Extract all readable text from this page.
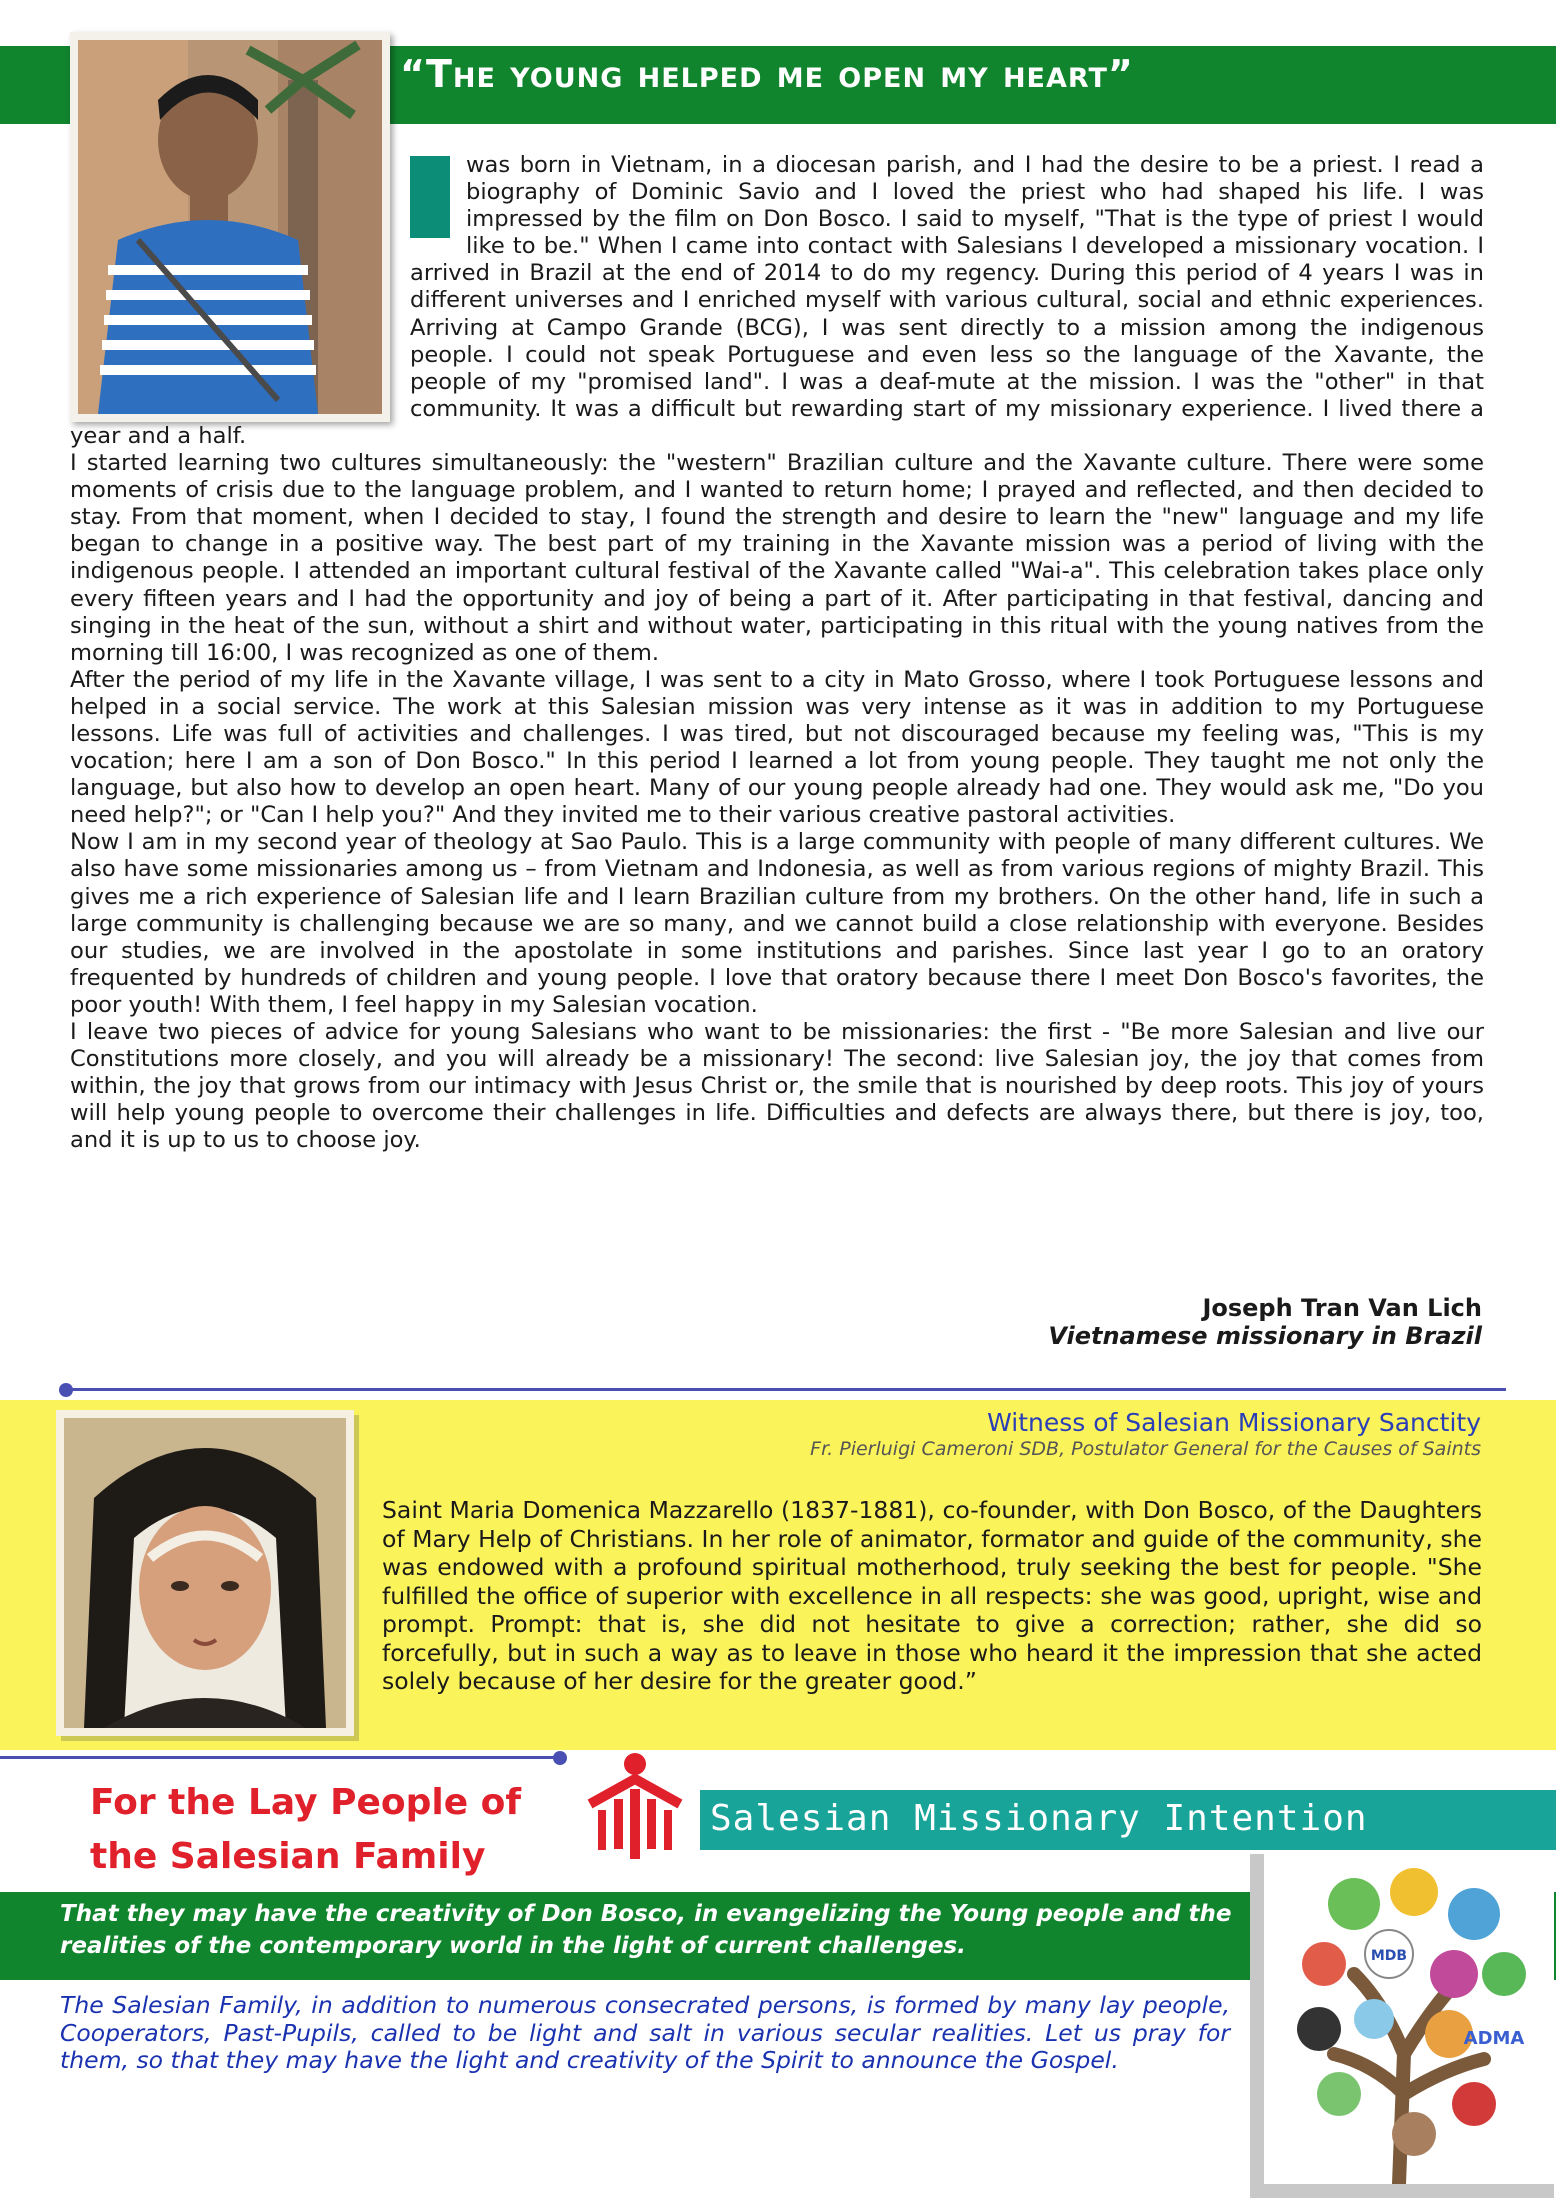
“The young helped me open my heart”

was born in Vietnam, in a diocesan parish, and I had the desire to be a priest. I read a biography of Dominic Savio and I loved the priest who had shaped his life. I was impressed by the film on Don Bosco. I said to myself, "That is the type of priest I would like to be." When I came into contact with Salesians I developed a missionary vocation. I arrived in Brazil at the end of 2014 to do my regency. During this period of 4 years I was in different universes and I enriched myself with various cultural, social and ethnic experiences. Arriving at Campo Grande (BCG), I was sent directly to a mission among the indigenous people. I could not speak Portuguese and even less so the language of the Xavante, the people of my "promised land". I was a deaf-mute at the mission. I was the "other" in that community. It was a difficult but rewarding start of my missionary experience. I lived there a year and a half.

I started learning two cultures simultaneously: the "western" Brazilian culture and the Xavante culture. There were some moments of crisis due to the language problem, and I wanted to return home; I prayed and reflected, and then decided to stay. From that moment, when I decided to stay, I found the strength and desire to learn the "new" language and my life began to change in a positive way. The best part of my training in the Xavante mission was a period of living with the indigenous people. I attended an important cultural festival of the Xavante called "Wai-a". This celebration takes place only every fifteen years and I had the opportunity and joy of being a part of it. After participating in that festival, dancing and singing in the heat of the sun, without a shirt and without water, participating in this ritual with the young natives from the morning till 16:00, I was recognized as one of them.

After the period of my life in the Xavante village, I was sent to a city in Mato Grosso, where I took Portuguese lessons and helped in a social service. The work at this Salesian mission was very intense as it was in addition to my Portuguese lessons. Life was full of activities and challenges. I was tired, but not discouraged because my feeling was, "This is my vocation; here I am a son of Don Bosco." In this period I learned a lot from young people. They taught me not only the language, but also how to develop an open heart. Many of our young people already had one. They would ask me, "Do you need help?"; or "Can I help you?" And they invited me to their various creative pastoral activities.

Now I am in my second year of theology at Sao Paulo. This is a large community with people of many different cultures. We also have some missionaries among us – from Vietnam and Indonesia, as well as from various regions of mighty Brazil. This gives me a rich experience of Salesian life and I learn Brazilian culture from my brothers. On the other hand, life in such a large community is challenging because we are so many, and we cannot build a close relationship with everyone. Besides our studies, we are involved in the apostolate in some institutions and parishes. Since last year I go to an oratory frequented by hundreds of children and young people. I love that oratory because there I meet Don Bosco's favorites, the poor youth! With them, I feel happy in my Salesian vocation.

I leave two pieces of advice for young Salesians who want to be missionaries: the first - "Be more Salesian and live our Constitutions more closely, and you will already be a missionary! The second: live Salesian joy, the joy that comes from within, the joy that grows from our intimacy with Jesus Christ or, the smile that is nourished by deep roots. This joy of yours will help young people to overcome their challenges in life. Difficulties and defects are always there, but there is joy, too, and it is up to us to choose joy.

Joseph Tran Van Lich
Vietnamese missionary in Brazil
Witness of Salesian Missionary Sanctity
Fr. Pierluigi Cameroni SDB, Postulator General for the Causes of Saints
Saint Maria Domenica Mazzarello (1837-1881), co-founder, with Don Bosco, of the Daughters of Mary Help of Christians. In her role of animator, formator and guide of the community, she was endowed with a profound spiritual motherhood, truly seeking the best for people. "She fulfilled the office of superior with excellence in all respects: she was good, upright, wise and prompt. Prompt: that is, she did not hesitate to give a correction; rather, she did so forcefully, but in such a way as to leave in those who heard it the impression that she acted solely because of her desire for the greater good.”
For the Lay People of
the Salesian Family
Salesian Missionary Intention
That they may have the creativity of Don Bosco, in evangelizing the Young people and the realities of the contemporary world in the light of current challenges.
The Salesian Family, in addition to numerous consecrated persons, is formed by many lay people, Cooperators, Past-Pupils, called to be light and salt in various secular realities. Let us pray for them, so that they may have the light and creativity of the Spirit to announce the Gospel.
MDB
ADMA
